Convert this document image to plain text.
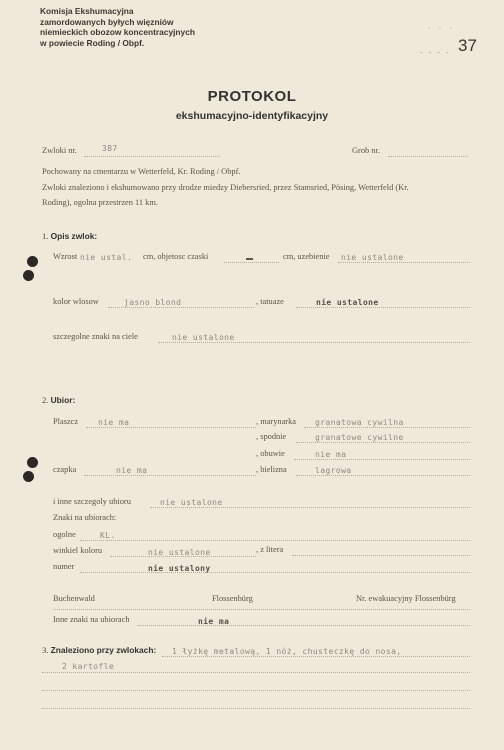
Komisja Ekshumacyjna
zamordowanych byłych więzniów
niemieckich obozow koncentracyjnych
w powiecie Roding / Obpf.
· · ·
- - - - 37
PROTOKOL
ekshumacyjno-identyfikacyjny
Zwloki nr.	387	Grob nr.
Pochowany na cmentarzu w Wetterfeld, Kr. Roding / Obpf.
Zwloki znaleziono i ekshumowano przy drodze miedzy Diebersried, przez Stamsried, Pösing, Wetterfeld (Kr.
Roding), ogolna przestrzen 11 km.
1. Opis zwlok:
Wzrost nie ustal. cm, objetosc czaski	cm, uzebienie nie ustalone
kolor wlosow	jasno blond	, tatuaze	nie ustalone
szczegolne znaki na ciele	nie ustalone
2. Ubior:
Plaszcz nie ma	, marynarka granatowa cywilna
, spodnie	granatowe cywilne
, obuwie	nie ma
czapka	nie ma	, bielizna	lagrowa
i inne szczegoly ubioru	nie ustalone
Znaki na ubiorach:
ogolne	KL.
winkiel koloru	nie ustalone	, z litera
numer	nie ustalony
Buchenwald	Flossenbürg	Nr. ewakuacyjny Flossenbürg
Inne znaki na ubiorach	nie ma
3. Znaleziono przy zwlokach: 1 łyżkę metalową, 1 nóż, chusteczkę do nosa,
2 kartofle
